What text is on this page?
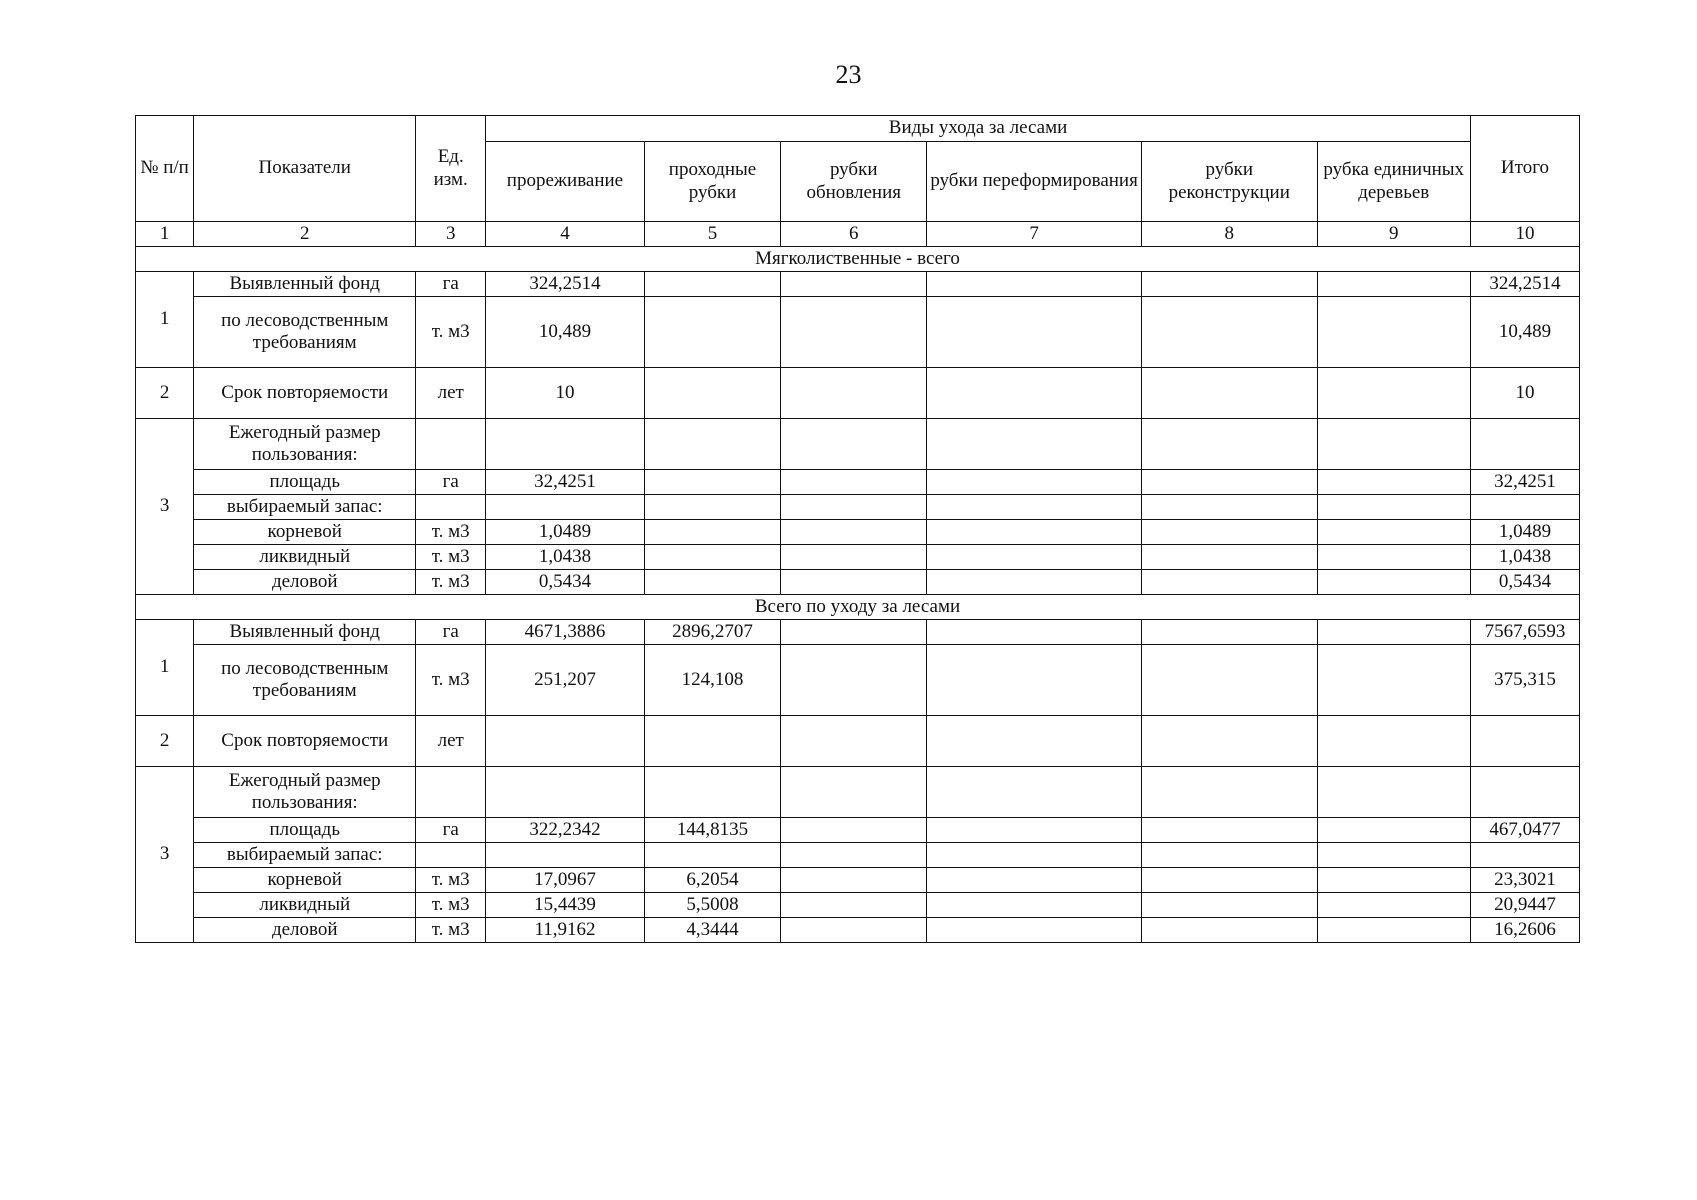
23
№ п/п	Показатели	Ед. изм.	Виды ухода за лесами						Итого
			прореживание	проходные рубки	рубки обновления	рубки переформирования	рубки реконструкции	рубка единичных деревьев	
1	2	3	4	5	6	7	8	9	10
Мягколиственные - всего									
1	Выявленный фонд	га	324,2514						324,2514
	по лесоводственным требованиям	т. м3	10,489						10,489
2	Срок повторяемости	лет	10						10
3	Ежегодный размер пользования:								
	площадь	га	32,4251						32,4251
	выбираемый запас:								
	корневой	т. м3	1,0489						1,0489
	ликвидный	т. м3	1,0438						1,0438
	деловой	т. м3	0,5434						0,5434
Всего по уходу за лесами									
1	Выявленный фонд	га	4671,3886	2896,2707					7567,6593
	по лесоводственным требованиям	т. м3	251,207	124,108					375,315
2	Срок повторяемости	лет							
3	Ежегодный размер пользования:								
	площадь	га	322,2342	144,8135					467,0477
	выбираемый запас:								
	корневой	т. м3	17,0967	6,2054					23,3021
	ликвидный	т. м3	15,4439	5,5008					20,9447
	деловой	т. м3	11,9162	4,3444					16,2606
